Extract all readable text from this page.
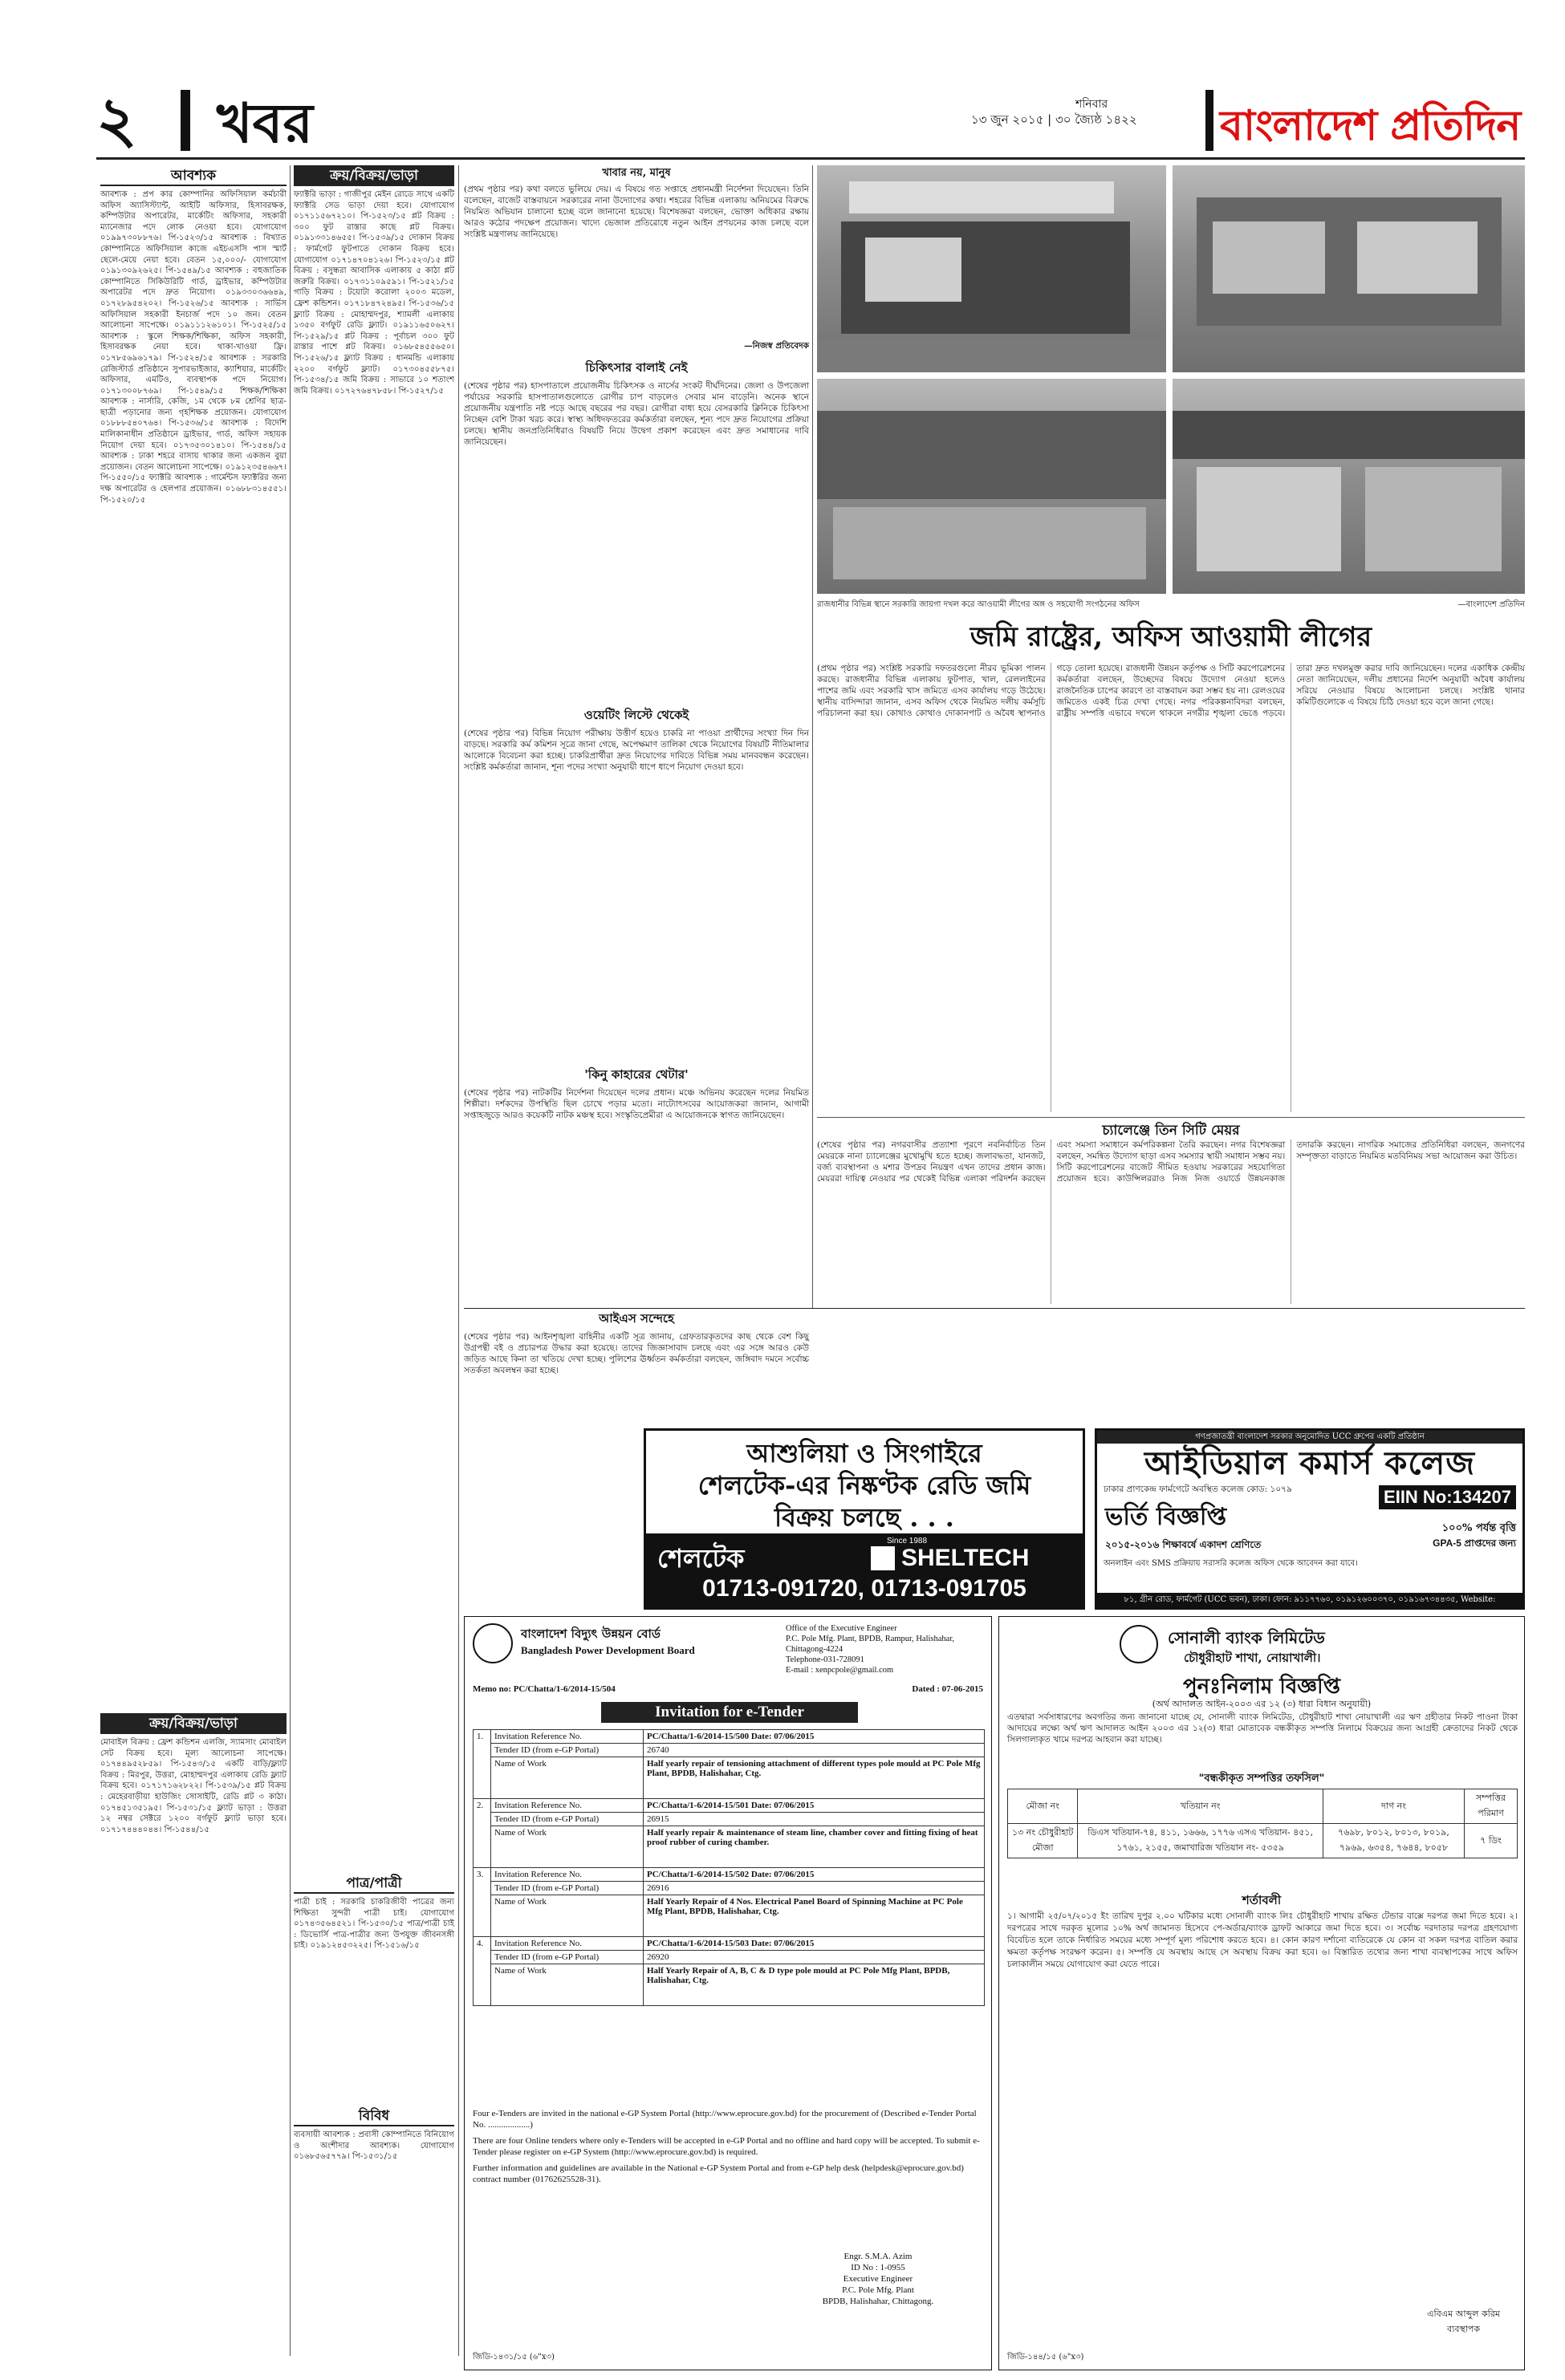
২ খবর	শনিবার
১৩ জুন ২০১৫ | ৩০ জ্যৈষ্ঠ ১৪২২ বাংলাদেশ প্রতিদিন
আবশ্যক
আবশ্যক : প্রপ কার কোম্পানির অফিসিয়াল কর্মচারী অফিস অ্যাসিস্ট্যান্ট, আইটি অফিসার, হিসাবরক্ষক, কম্পিউটার অপারেটর, মার্কেটিং অফিসার, সহকারী ম্যানেজার পদে লোক নেওয়া হবে। যোগাযোগ ০১৯৯৭৩০৮৮৭৬। পি-১৫২৩/১৫ আবশ্যক : বিখ্যাত কোম্পানিতে অফিসিয়াল কাজে এইচএসসি পাস স্মার্ট ছেলে-মেয়ে নেয়া হবে। বেতন ১৫,০০০/- যোগাযোগ ০১৯১৩০৯২৬২৫। পি-১৫৪৯/১৫ আবশ্যক : বহুজাতিক কোম্পানিতে সিকিউরিটি গার্ড, ড্রাইভার, কম্পিউটার অপারেটর পদে দ্রুত নিয়োগ। ০১৯৩৩০৩৬৬৪৯, ০১৭২৮৯৫৪২০২। পি-১৫২৬/১৫ আবশ্যক : সার্ভিস অফিসিয়াল সহকারী ইনচার্জ পদে ১০ জন। বেতন আলোচনা সাপেক্ষে। ০১৯১১১২৬১০১। পি-১৫২৫/১৫ আবশ্যক : স্কুলে শিক্ষক/শিক্ষিকা, অফিস সহকারী, হিসাবরক্ষক নেয়া হবে। থাকা-খাওয়া ফ্রি। ০১৭৮৫৬৯৬১৭৯। পি-১৫২৪/১৫ আবশ্যক : সরকারি রেজিস্টার্ড প্রতিষ্ঠানে সুপারভাইজার, ক্যাশিয়ার, মার্কেটিং অফিসার, এমটিও, ব্যবস্থাপক পদে নিয়োগ। ০১৭১৩০০৮৭৬৯। পি-১৫৪৯/১৫ শিক্ষক/শিক্ষিকা আবশ্যক : নার্সারি, কেজি, ১ম থেকে ৮ম শ্রেণির ছাত্র-ছাত্রী পড়ানোর জন্য গৃহশিক্ষক প্রয়োজন। যোগাযোগ ০১৮৮৮৫৪০৭৬৪। পি-১৫৩৬/১৫ আবশ্যক : বিদেশি মালিকানাধীন প্রতিষ্ঠানে ড্রাইভার, গার্ড, অফিস সহায়ক নিয়োগ দেয়া হবে। ০১৭৩৫৩০১৪১০। পি-১৫৪৪/১৫ আবশ্যক : ঢাকা শহরে বাসায় থাকার জন্য একজন বুয়া প্রয়োজন। বেতন আলোচনা সাপেক্ষে। ০১৯১২৩৫৪৬৬৭। পি-১৫৫০/১৫ ফ্যাক্টরি আবশ্যক : গার্মেন্টস ফ্যাক্টরির জন্য দক্ষ অপারেটর ও হেলপার প্রয়োজন। ০১৬৮৮৩১৪৫৫১। পি-১৫২০/১৫
ক্রয়/বিক্রয়/ভাড়া
মোবাইল বিক্রয় : ফ্রেশ কন্ডিশন এলজি, স্যামসাং মোবাইল সেট বিক্রয় হবে। মূল্য আলোচনা সাপেক্ষে। ০১৭৪৪৯৫২৮৫৯। পি-১৫৪৩/১৫ একটি বাড়ি/ফ্ল্যাট বিক্রয় : মিরপুর, উত্তরা, মোহাম্মদপুর এলাকায় রেডি ফ্ল্যাট বিক্রয় হবে। ০১৭১৭১৬২৮২২। পি-১৫৩৯/১৫ প্লট বিক্রয় : মেহেরবাড়ীয়া হাউজিং সোসাইটি, রেডি প্লট ৩ কাঠা। ০১৭৪৫১৩৫১৯৫। পি-১৫৩১/১৫ ফ্ল্যাট ভাড়া : উত্তরা ১২ নম্বর সেক্টরে ১২০০ বর্গফুট ফ্ল্যাট ভাড়া হবে। ০১৭১৭৪৪৪০৪৪। পি-১৫৪৪/১৫
ক্রয়/বিক্রয়/ভাড়া
ফ্যাক্টরি ভাড়া : গাজীপুর মেইন রোডে সাথে একটি ফ্যাক্টরি সেড ভাড়া দেয়া হবে। যোগাযোগ ০১৭১১৫৬৭২১০। পি-১৫২৩/১৫ প্লট বিক্রয় : ৩০০ ফুট রাস্তার কাছে প্লট বিক্রয়। ০১৯১৩৩১৪৬৫৫। পি-১৫৩৯/১৫ দোকান বিক্রয় : ফার্মগেট ফুটপাতে দোকান বিক্রয় হবে। যোগাযোগ ০১৭১৪৭০৪১২৬। পি-১৫২৩/১৫ প্লট বিক্রয় : বসুন্ধরা আবাসিক এলাকায় ৫ কাঠা প্লট জরুরি বিক্রয়। ০১৭৩১১০৯৫৯১। পি-১৫২১/১৫ গাড়ি বিক্রয় : টয়োটা করোলা ২০০৩ মডেল, ফ্রেশ কন্ডিশন। ০১৭১৮৪৭২৪৯৫। পি-১৫৩৬/১৫ ফ্ল্যাট বিক্রয় : মোহাম্মদপুর, শ্যামলী এলাকায় ১৩৫০ বর্গফুট রেডি ফ্ল্যাট। ০১৯১১৬৫০৬২৭। পি-১৫২৯/১৫ প্লট বিক্রয় : পূর্বাচল ৩০০ ফুট রাস্তার পাশে প্লট বিক্রয়। ০১৬৮৫৪৫৫৬৫০। পি-১৫২৬/১৫ ফ্ল্যাট বিক্রয় : ধানমন্ডি এলাকায় ২২০০ বর্গফুট ফ্ল্যাট। ০১৭৩০৪৫৫৮৭৫। পি-১৫৩৪/১৫ জমি বিক্রয় : সাভারে ১০ শতাংশ জমি বিক্রয়। ০১৭২৭৬৪৭৮৫৮। পি-১৫২৭/১৫
পাত্র/পাত্রী
পাত্রী চাই : সরকারি চাকরিজীবী পাত্রের জন্য শিক্ষিতা সুন্দরী পাত্রী চাই। যোগাযোগ ০১৭৪৩৫৬৪৫২১। পি-১৫৩০/১৫ পাত্র/পাত্রী চাই : ডিভোর্সি পাত্র-পাত্রীর জন্য উপযুক্ত জীবনসঙ্গী চাই। ০১৯১২৪৫৩২২৫। পি-১৫১৬/১৫
বিবিধ
ব্যবসায়ী আবশ্যক : প্রবাসী কোম্পানিতে বিনিয়োগ ও অংশীদার আবশ্যক। যোগাযোগ ০১৬৮৫৬৫৭৭৯। পি-১৫৩১/১৫
খাবার নয়, মানুষ
(প্রথম পৃষ্ঠার পর) কথা বলতে ভুলিয়ে দেয়। এ বিষয়ে গত সপ্তাহে প্রধানমন্ত্রী নির্দেশনা দিয়েছেন। তিনি বলেছেন, বাজেট বাস্তবায়নে সরকারের নানা উদ্যোগের কথা। শহরের বিভিন্ন এলাকায় অনিয়মের বিরুদ্ধে নিয়মিত অভিযান চালানো হচ্ছে বলে জানানো হয়েছে। বিশেষজ্ঞরা বলছেন, ভোক্তা অধিকার রক্ষায় আরও কঠোর পদক্ষেপ প্রয়োজন। খাদ্যে ভেজাল প্রতিরোধে নতুন আইন প্রণয়নের কাজ চলছে বলে সংশ্লিষ্ট মন্ত্রণালয় জানিয়েছে।
—নিজস্ব প্রতিবেদক
চিকিৎসার বালাই নেই
(শেষের পৃষ্ঠার পর) হাসপাতালে প্রয়োজনীয় চিকিৎসক ও নার্সের সংকট দীর্ঘদিনের। জেলা ও উপজেলা পর্যায়ের সরকারি হাসপাতালগুলোতে রোগীর চাপ বাড়লেও সেবার মান বাড়েনি। অনেক স্থানে প্রয়োজনীয় যন্ত্রপাতি নষ্ট পড়ে আছে বছরের পর বছর। রোগীরা বাধ্য হয়ে বেসরকারি ক্লিনিকে চিকিৎসা নিচ্ছেন বেশি টাকা খরচ করে। স্বাস্থ্য অধিদফতরের কর্মকর্তারা বলছেন, শূন্য পদে দ্রুত নিয়োগের প্রক্রিয়া চলছে। স্থানীয় জনপ্রতিনিধিরাও বিষয়টি নিয়ে উদ্বেগ প্রকাশ করেছেন এবং দ্রুত সমাধানের দাবি জানিয়েছেন।
ওয়েটিং লিস্টে থেকেই
(শেষের পৃষ্ঠার পর) বিভিন্ন নিয়োগ পরীক্ষায় উত্তীর্ণ হয়েও চাকরি না পাওয়া প্রার্থীদের সংখ্যা দিন দিন বাড়ছে। সরকারি কর্ম কমিশন সূত্রে জানা গেছে, অপেক্ষমাণ তালিকা থেকে নিয়োগের বিষয়টি নীতিমালার আলোকে বিবেচনা করা হচ্ছে। চাকরিপ্রার্থীরা দ্রুত নিয়োগের দাবিতে বিভিন্ন সময় মানববন্ধন করেছেন। সংশ্লিষ্ট কর্মকর্তারা জানান, শূন্য পদের সংখ্যা অনুযায়ী ধাপে ধাপে নিয়োগ দেওয়া হবে।
'কিনু কাহারের থেটার'
(শেষের পৃষ্ঠার পর) নাটকটির নির্দেশনা দিয়েছেন দলের প্রধান। মঞ্চে অভিনয় করেছেন দলের নিয়মিত শিল্পীরা। দর্শকদের উপস্থিতি ছিল চোখে পড়ার মতো। নাট্যোৎসবের আয়োজকরা জানান, আগামী সপ্তাহজুড়ে আরও কয়েকটি নাটক মঞ্চস্থ হবে। সংস্কৃতিপ্রেমীরা এ আয়োজনকে স্বাগত জানিয়েছেন।
আইএস সন্দেহে
(শেষের পৃষ্ঠার পর) আইনশৃঙ্খলা বাহিনীর একটি সূত্র জানায়, গ্রেফতারকৃতদের কাছ থেকে বেশ কিছু উগ্রপন্থী বই ও প্রচারপত্র উদ্ধার করা হয়েছে। তাদের জিজ্ঞাসাবাদ চলছে এবং এর সঙ্গে আরও কেউ জড়িত আছে কিনা তা খতিয়ে দেখা হচ্ছে। পুলিশের ঊর্ধ্বতন কর্মকর্তারা বলছেন, জঙ্গিবাদ দমনে সর্বোচ্চ সতর্কতা অবলম্বন করা হচ্ছে।
রাজধানীর বিভিন্ন স্থানে সরকারি জায়গা দখল করে আওয়ামী লীগের অঙ্গ ও সহযোগী সংগঠনের অফিস	—বাংলাদেশ প্রতিদিন
জমি রাষ্ট্রের, অফিস আওয়ামী লীগের
(প্রথম পৃষ্ঠার পর) সংশ্লিষ্ট সরকারি দফতরগুলো নীরব ভূমিকা পালন করছে। রাজধানীর বিভিন্ন এলাকায় ফুটপাত, খাল, রেললাইনের পাশের জমি এবং সরকারি খাস জমিতে এসব কার্যালয় গড়ে উঠেছে। স্থানীয় বাসিন্দারা জানান, এসব অফিস থেকে নিয়মিত দলীয় কর্মসূচি পরিচালনা করা হয়। কোথাও কোথাও দোকানপাট ও অবৈধ স্থাপনাও গড়ে তোলা হয়েছে। রাজধানী উন্নয়ন কর্তৃপক্ষ ও সিটি করপোরেশনের কর্মকর্তারা বলছেন, উচ্ছেদের বিষয়ে উদ্যোগ নেওয়া হলেও রাজনৈতিক চাপের কারণে তা বাস্তবায়ন করা সম্ভব হয় না। রেলওয়ের জমিতেও একই চিত্র দেখা গেছে। নগর পরিকল্পনাবিদরা বলছেন, রাষ্ট্রীয় সম্পত্তি এভাবে দখলে থাকলে নগরীর শৃঙ্খলা ভেঙে পড়বে। তারা দ্রুত দখলমুক্ত করার দাবি জানিয়েছেন। দলের একাধিক কেন্দ্রীয় নেতা জানিয়েছেন, দলীয় প্রধানের নির্দেশ অনুযায়ী অবৈধ কার্যালয় সরিয়ে নেওয়ার বিষয়ে আলোচনা চলছে। সংশ্লিষ্ট থানার কমিটিগুলোকে এ বিষয়ে চিঠি দেওয়া হবে বলে জানা গেছে।
চ্যালেঞ্জে তিন সিটি মেয়র
(শেষের পৃষ্ঠার পর) নগরবাসীর প্রত্যাশা পূরণে নবনির্বাচিত তিন মেয়রকে নানা চ্যালেঞ্জের মুখোমুখি হতে হচ্ছে। জলাবদ্ধতা, যানজট, বর্জ্য ব্যবস্থাপনা ও মশার উপদ্রব নিয়ন্ত্রণ এখন তাদের প্রধান কাজ। মেয়ররা দায়িত্ব নেওয়ার পর থেকেই বিভিন্ন এলাকা পরিদর্শন করছেন এবং সমস্যা সমাধানে কর্মপরিকল্পনা তৈরি করছেন। নগর বিশেষজ্ঞরা বলছেন, সমন্বিত উদ্যোগ ছাড়া এসব সমস্যার স্থায়ী সমাধান সম্ভব নয়। সিটি করপোরেশনের বাজেট সীমিত হওয়ায় সরকারের সহযোগিতা প্রয়োজন হবে। কাউন্সিলররাও নিজ নিজ ওয়ার্ডে উন্নয়নকাজ তদারকি করছেন। নাগরিক সমাজের প্রতিনিধিরা বলছেন, জনগণের সম্পৃক্ততা বাড়াতে নিয়মিত মতবিনিময় সভা আয়োজন করা উচিত।
আশুলিয়া ও সিংগাইরে
শেলটেক-এর নিষ্কণ্টক রেডি জমি
বিক্রয় চলছে . . .
শেলটেক
Since 1988
SHELTECH
01713-091720, 01713-091705
গণপ্রজাতন্ত্রী বাংলাদেশ সরকার অনুমোদিত UCC গ্রুপের একটি প্রতিষ্ঠান
আইডিয়াল কমার্স কলেজ
ঢাকার প্রাণকেন্দ্র ফার্মগেটে অবস্থিত কলেজ কোড: ১০৭৯	EIIN No:134207
ভর্তি বিজ্ঞপ্তি
২০১৫-২০১৬ শিক্ষাবর্ষে একাদশ শ্রেণিতে
১০০% পর্যন্ত বৃত্তি
GPA-5 প্রাপ্তদের জন্য
অনলাইন এবং SMS প্রক্রিয়ায় সরাসরি কলেজ অফিস থেকে আবেদন করা যাবে।
৮১, গ্রীন রোড, ফার্মগেট (UCC ভবন), ঢাকা। ফোন: ৯১১৭৭৬০, ০১৯১২৬০০৩৭০, ০১৯১৬৭৩৪৪৩৫, Website: www.icc.edu.bd
বাংলাদেশ বিদ্যুৎ উন্নয়ন বোর্ড
Bangladesh Power Development Board
Office of the Executive Engineer
P.C. Pole Mfg. Plant, BPDB, Rampur, Halishahar, Chittagong-4224
Telephone-031-728091
E-mail : xenpcpole@gmail.com
Memo no: PC/Chatta/1-6/2014-15/504	Dated : 07-06-2015
Invitation for e-Tender
1.	Invitation Reference No.	PC/Chatta/1-6/2014-15/500 Date: 07/06/2015
	Tender ID (from e-GP Portal)	26740
	Name of Work	Half yearly repair of tensioning attachment of different types pole mould at PC Pole Mfg Plant, BPDB, Halishahar, Ctg.
2.	Invitation Reference No.	PC/Chatta/1-6/2014-15/501 Date: 07/06/2015
	Tender ID (from e-GP Portal)	26915
	Name of Work	Half yearly repair & maintenance of steam line, chamber cover and fitting fixing of heat proof rubber of curing chamber.
3.	Invitation Reference No.	PC/Chatta/1-6/2014-15/502 Date: 07/06/2015
	Tender ID (from e-GP Portal)	26916
	Name of Work	Half Yearly Repair of 4 Nos. Electrical Panel Board of Spinning Machine at PC Pole Mfg Plant, BPDB, Halishahar, Ctg.
4.	Invitation Reference No.	PC/Chatta/1-6/2014-15/503 Date: 07/06/2015
	Tender ID (from e-GP Portal)	26920
	Name of Work	Half Yearly Repair of A, B, C & D type pole mould at PC Pole Mfg Plant, BPDB, Halishahar, Ctg.

Four e-Tenders are invited in the national e-GP System Portal (http://www.eprocure.gov.bd) for the procurement of (Described e-Tender Portal No. ...................)

There are four Online tenders where only e-Tenders will be accepted in e-GP Portal and no offline and hard copy will be accepted. To submit e-Tender please register on e-GP System (http://www.eprocure.gov.bd) is required.

Further information and guidelines are available in the National e-GP System Portal and from e-GP help desk (helpdesk@eprocure.gov.bd) contract number (01762625528-31).

Engr. S.M.A. Azim
ID No : 1-0955
Executive Engineer
P.C. Pole Mfg. Plant
BPDB, Halishahar, Chittagong.
জিডি-১৪৩১/১৫ (৬"x৩)
সোনালী ব্যাংক লিমিটেড
চৌধুরীহাট শাখা, নোয়াখালী।
পুনঃনিলাম বিজ্ঞপ্তি
(অর্থ আদালত আইন-২০০৩ এর ১২ (৩) ধারা বিধান অনুযায়ী)
এতদ্বারা সর্বসাধারণের অবগতির জন্য জানানো যাচ্ছে যে, সোনালী ব্যাংক লিমিটেড, চৌধুরীহাট শাখা নোয়াখালী এর ঋণ গ্রহীতার নিকট পাওনা টাকা আদায়ের লক্ষ্যে অর্থ ঋণ আদালত আইন ২০০৩ এর ১২(৩) ধারা মোতাবেক বন্ধকীকৃত সম্পত্তি নিলামে বিক্রয়ের জন্য আগ্রহী ক্রেতাদের নিকট থেকে সিলগালাকৃত খামে দরপত্র আহবান করা যাচ্ছে।
"বন্ধকীকৃত সম্পত্তির তফসিল"
মৌজা নং	খতিয়ান নং	দাগ নং	সম্পত্তির পরিমাণ
১৩ নং চৌধুরীহাট মৌজা	ডিএস খতিয়ান-৭৪, ৪১১, ১৬৬৬, ১৭৭৬ এসএ খতিয়ান- ৪৫১, ১৭৬১, ২১৫৫, জমাখারিজ খতিয়ান নং- ৫৩৫৯	৭৬৯৮, ৮০১২, ৮০১৩, ৮০১৯, ৭৯৬৯, ৬৩৫৪, ৭৬৪৪, ৮০৫৮	৭ ডিং
শর্তাবলী
১। আগামী ২৫/০৭/২০১৫ ইং তারিখ দুপুর ২.০০ ঘটিকার মধ্যে সোনালী ব্যাংক লিঃ চৌধুরীহাট শাখায় রক্ষিত টেন্ডার বাক্সে দরপত্র জমা দিতে হবে। ২। দরপত্রের সাথে দরকৃত মূল্যের ১০% অর্থ জামানত হিসেবে পে-অর্ডার/ব্যাংক ড্রাফট আকারে জমা দিতে হবে। ৩। সর্বোচ্চ দরদাতার দরপত্র গ্রহণযোগ্য বিবেচিত হলে তাকে নির্ধারিত সময়ের মধ্যে সম্পূর্ণ মূল্য পরিশোধ করতে হবে। ৪। কোন কারণ দর্শানো ব্যতিরেকে যে কোন বা সকল দরপত্র বাতিল করার ক্ষমতা কর্তৃপক্ষ সংরক্ষণ করেন। ৫। সম্পত্তি যে অবস্থায় আছে সে অবস্থায় বিক্রয় করা হবে। ৬। বিস্তারিত তথ্যের জন্য শাখা ব্যবস্থাপকের সাথে অফিস চলাকালীন সময়ে যোগাযোগ করা যেতে পারে।
এবিএম আব্দুল করিম
ব্যবস্থাপক
জিডি-১৪৪/১৫ (৬"x৩)
